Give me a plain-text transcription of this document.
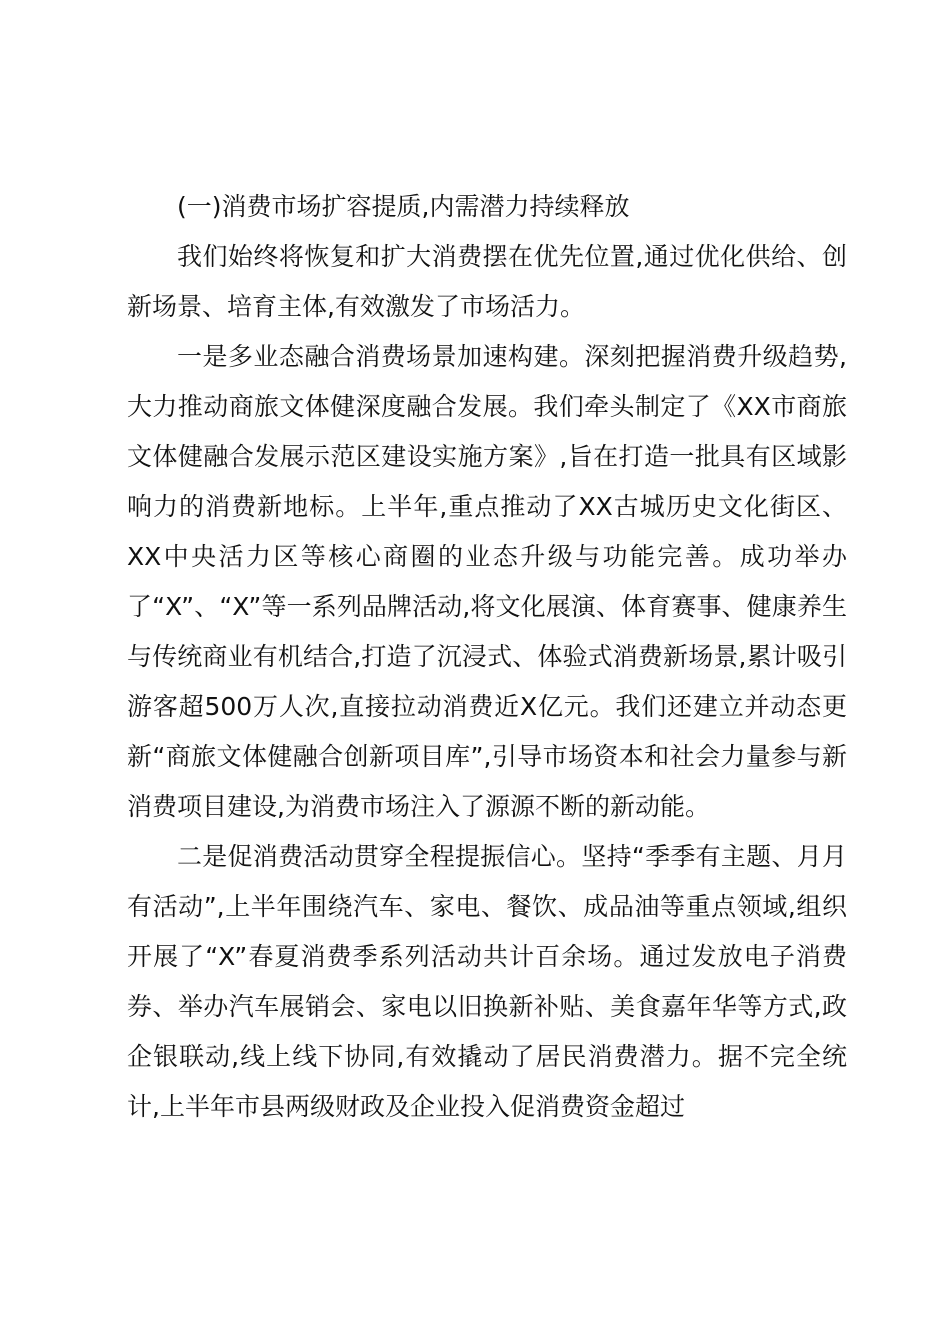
(一)消费市场扩容提质,内需潜力持续释放

我们始终将恢复和扩大消费摆在优先位置,通过优化供给、创新场景、培育主体,有效激发了市场活力。

一是多业态融合消费场景加速构建。深刻把握消费升级趋势,大力推动商旅文体健深度融合发展。我们牵头制定了《XX市商旅文体健融合发展示范区建设实施方案》,旨在打造一批具有区域影响力的消费新地标。上半年,重点推动了XX古城历史文化街区、XX中央活力区等核心商圈的业态升级与功能完善。成功举办了“X”、“X”等一系列品牌活动,将文化展演、体育赛事、健康养生与传统商业有机结合,打造了沉浸式、体验式消费新场景,累计吸引游客超500万人次,直接拉动消费近X亿元。我们还建立并动态更新“商旅文体健融合创新项目库”,引导市场资本和社会力量参与新消费项目建设,为消费市场注入了源源不断的新动能。

二是促消费活动贯穿全程提振信心。坚持“季季有主题、月月有活动”,上半年围绕汽车、家电、餐饮、成品油等重点领域,组织开展了“X”春夏消费季系列活动共计百余场。通过发放电子消费券、举办汽车展销会、家电以旧换新补贴、美食嘉年华等方式,政企银联动,线上线下协同,有效撬动了居民消费潜力。据不完全统计,上半年市县两级财政及企业投入促消费资金超过
